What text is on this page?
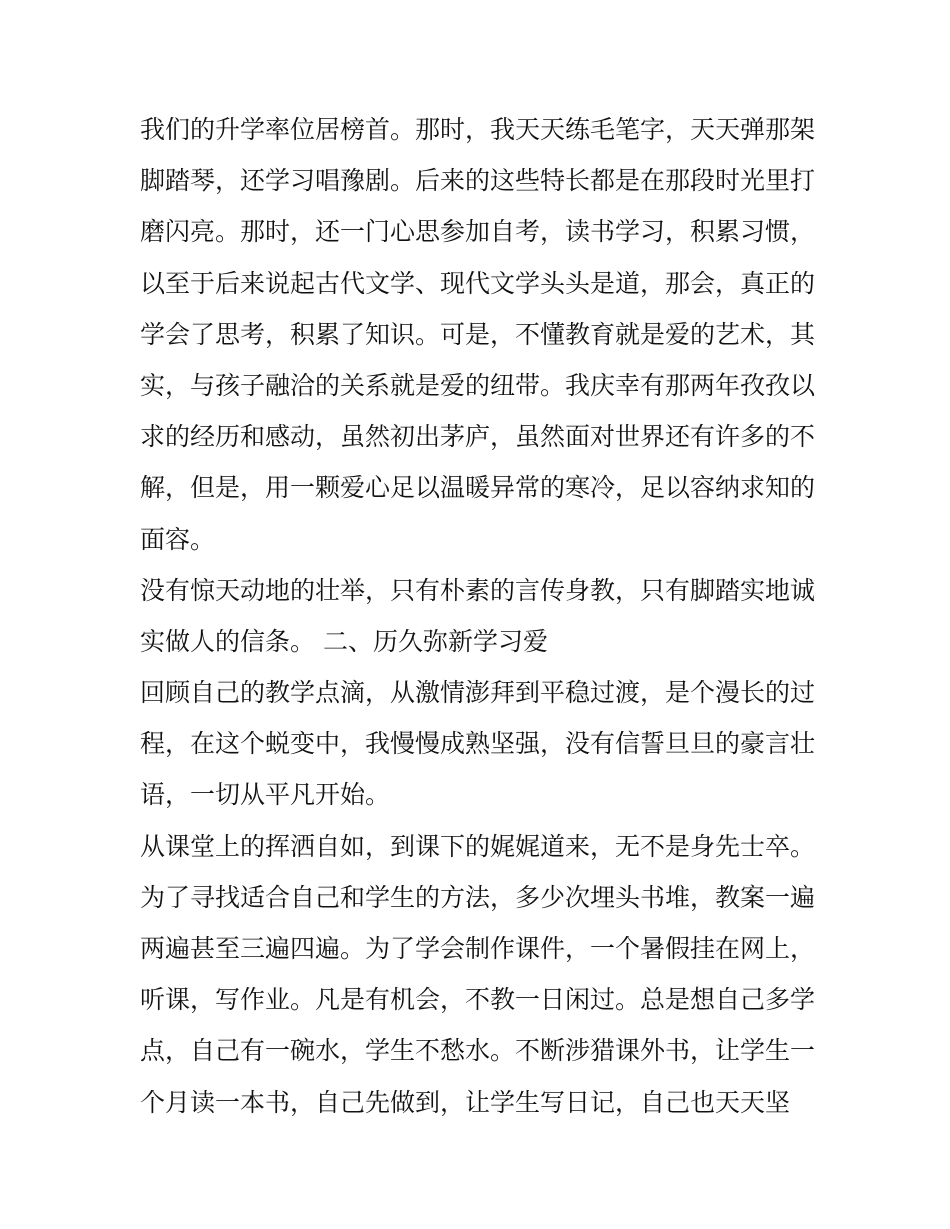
我们的升学率位居榜首。那时，我天天练毛笔字，天天弹那架
脚踏琴，还学习唱豫剧。后来的这些特长都是在那段时光里打
磨闪亮。那时，还一门心思参加自考，读书学习，积累习惯，
以至于后来说起古代文学、现代文学头头是道，那会，真正的
学会了思考，积累了知识。可是，不懂教育就是爱的艺术，其
实，与孩子融洽的关系就是爱的纽带。我庆幸有那两年孜孜以
求的经历和感动，虽然初出茅庐，虽然面对世界还有许多的不
解，但是，用一颗爱心足以温暖异常的寒冷，足以容纳求知的
面容。
没有惊天动地的壮举，只有朴素的言传身教，只有脚踏实地诚
实做人的信条。 二、历久弥新学习爱
回顾自己的教学点滴，从激情澎拜到平稳过渡，是个漫长的过
程，在这个蜕变中，我慢慢成熟坚强，没有信誓旦旦的豪言壮
语，一切从平凡开始。
从课堂上的挥洒自如，到课下的娓娓道来，无不是身先士卒。
为了寻找适合自己和学生的方法，多少次埋头书堆，教案一遍
两遍甚至三遍四遍。为了学会制作课件，一个暑假挂在网上，
听课，写作业。凡是有机会，不教一日闲过。总是想自己多学
点，自己有一碗水，学生不愁水。不断涉猎课外书，让学生一
个月读一本书，自己先做到，让学生写日记，自己也天天坚
